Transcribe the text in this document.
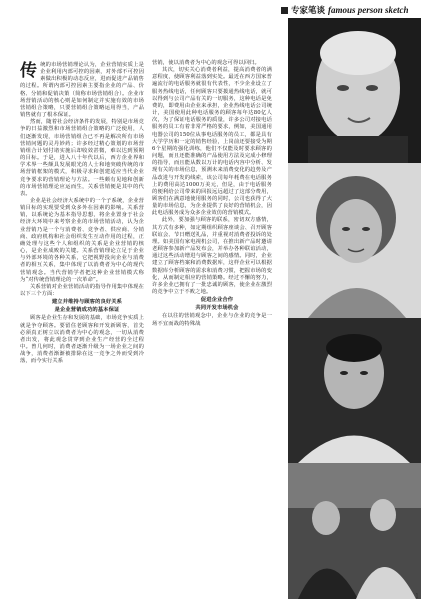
专家笔谈 famous person sketch

传 统的市场营销理论认为，企业营销实质上是企业利用内部可控的因素，对外部不可控因素做出积极的动态反应，进而促进产品销售的过程。所谓内部可控因素主要指企业的产品、价格、分销和促销决策（简称市场营销组合）。企业市场营销活动的核心则是如何制定并实施有效的市场营销组合策略，只要营销组合策略运用得当，产品销售就有了根本保证。

然而，随着社会经济条件的发展，特别是市场竞争的日益激烈和市场营销组合策略的广泛使用，人们逐渐发现，市场营销组合已不再是解决所有市场营销问题的灵丹妙药；许多经过精心策划的市场营销组合计划付诸实施后却收效甚微，难以达到预期的目标。于是，进入八十年代以后，西方企业界和学术界一些颇具发展眼光的人士和地突破传统的市场营销框架的模式，积极寻求和创建适应当代企业竞争要求的营销理论与方法。一些颇有见地和创新的市场营销理论应运而生，关系营销便是其中的代表。

企业是社会经济大系统中的一个子系统，企业营销目标的实现要受到众多外在因素的影响。关系营销，以系统论为基本指导思想，将企业置身于社会经济大环境中来考察企业的市场营销活动，认为企业营销乃是一个与消费者、竞争者、供应商、分销商、政府机构和社会组织发生互动作用的过程，正确处理与这些个人和组织的关系是企业营销的核心，是企业成败的关键。关系营销理论立足于企业与外部环境的各种关系，它把视野投向企业与消费者的相互关系，集中体现了以消费者为中心的现代营销观念。当代营销学者把这种企业营销模式称为“对传统营销理论的一次革命”。

关系营销对企业营销活动的指导作用集中体现在以下三个方面：

建立并维持与顾客的良好关系

是企业营销成功的基本保证

顾客是企业生存和发展的基础，市场竞争实质上就是争夺顾客。要留住老顾客和开发新顾客，首先必须真正树立以消费者为中心的观念，一切从消费者出发，将此观念贯穿到企业生产经营的全过程中。曾几何时，消费者逐渐升级为一场企业之间的战争，消费者渐渐被排除在这一竞争之外而受到冷落，而今实行关系

营销，使以消费者为中心的观念可得以回归。

其次，切实关心消费者利益，提高消费者的满意程度，使顾客利益落到实处。最近在西方国家普遍流行的电话服务就很有代表性，不少企业设立了服务热线电话，任何顾客只要拨通热线电话，就可以得到与公司产品有关的一切服务，这种电话是免费的，即费用由企业来承担，企业热线电话公司统计，美国使用此种电话服务的顾客每年达80亿人次，为了保证电话服务的质量，许多公司对接电话服务的员工有着非常严格的要求，例如，美国通用电器公司的150位从事电话服务的员工，都是具有大学学历和一定的销售经验，上岗前还要接受为期6个星期的强化训练，他们不仅能及时要求顾客的问题，而且还能准确的产品使用方法及完成小修理的指导，而且能从数以万计的电话内容中分析、发现有关的市场信息，预测未来消费变化的趋势及产品改进与开发的线索，该公司每年耗费在电话服务上的费用高达1000万美元，但是，由于电话服务的便利给公司带来的回报远远超过了这部分费用，顾客们在满意地使用服务的同时，公司也获得了大量的市场信息，为企业提供了良好的营销机会，因此电话服务成为众多企业效仿的营销模式。

此外，要加强与顾客的联系，密切双方感情，其方式有多种，如定期组织顾客座谈会、召开顾客联谊会、节日赠送礼品，并重视对消费者投诉的处理。如美国有家电视机公司，在推出新产品时邀请老顾客参加新产品发布会，并举办各种联谊活动，通过这些活动增进与顾客之间的感情。同时，企业建立了顾客档案和消费数据库，这样企业可以根据数据库分析顾客的需求和消费习惯，把握市场的变化，从而制定相应的营销策略。经过不懈的努力，许多企业已拥有了一批忠诚的顾客，使企业在激烈的竞争中立于不败之地。

促进企业合作

共同开发市场机会

在以往的营销观念中，企业与企业的竞争是一场不宜而战的特殊战

1
